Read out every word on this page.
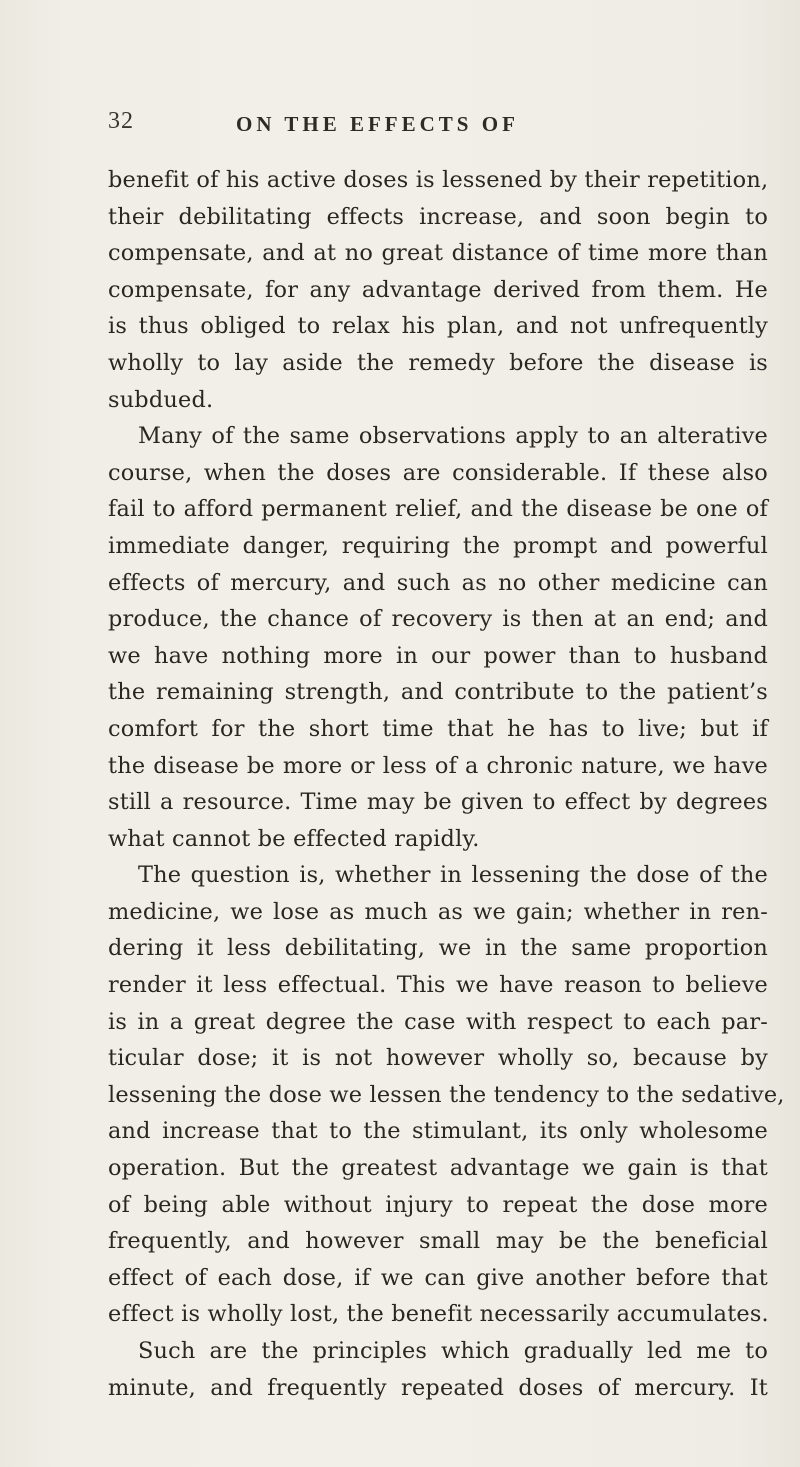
32	ON THE EFFECTS OF
benefit of his active doses is lessened by their repetition,
their debilitating effects increase, and soon begin to
compensate, and at no great distance of time more than
compensate, for any advantage derived from them. He
is thus obliged to relax his plan, and not unfrequently
wholly to lay aside the remedy before the disease is
subdued.
Many of the same observations apply to an alterative
course, when the doses are considerable. If these also
fail to afford permanent relief, and the disease be one of
immediate danger, requiring the prompt and powerful
effects of mercury, and such as no other medicine can
produce, the chance of recovery is then at an end; and
we have nothing more in our power than to husband
the remaining strength, and contribute to the patient’s
comfort for the short time that he has to live; but if
the disease be more or less of a chronic nature, we have
still a resource. Time may be given to effect by degrees
what cannot be effected rapidly.
The question is, whether in lessening the dose of the
medicine, we lose as much as we gain; whether in ren-
dering it less debilitating, we in the same proportion
render it less effectual. This we have reason to believe
is in a great degree the case with respect to each par-
ticular dose; it is not however wholly so, because by
lessening the dose we lessen the tendency to the sedative,
and increase that to the stimulant, its only wholesome
operation. But the greatest advantage we gain is that
of being able without injury to repeat the dose more
frequently, and however small may be the beneficial
effect of each dose, if we can give another before that
effect is wholly lost, the benefit necessarily accumulates.
Such are the principles which gradually led me to
minute, and frequently repeated doses of mercury. It
